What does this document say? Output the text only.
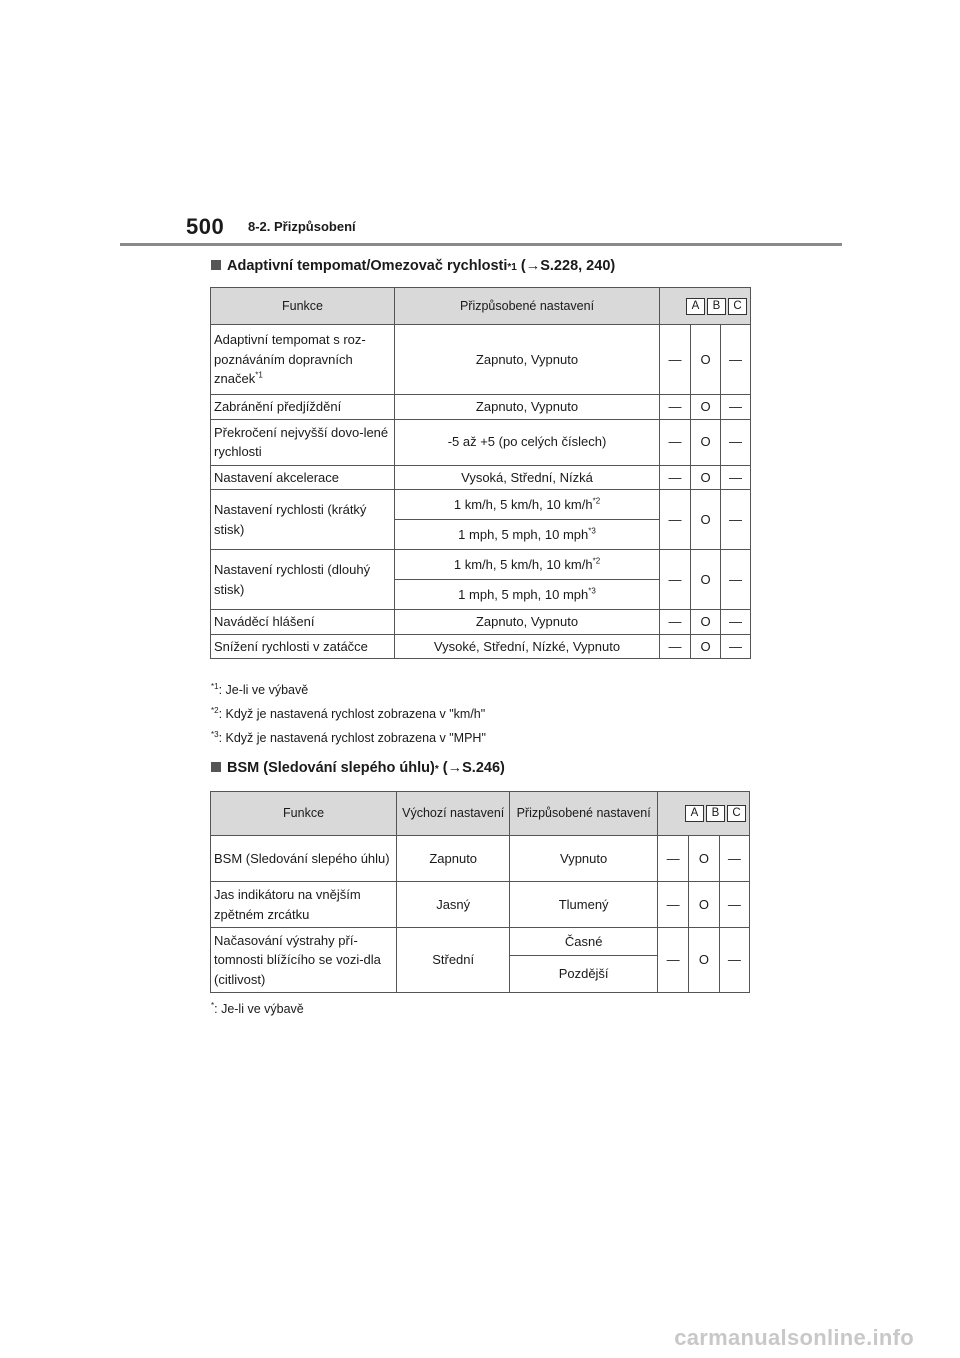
500 8-2. Přizpůsobení
Adaptivní tempomat/Omezovač rychlosti *1
(→ S.228, 240)
Funkce	Přizpůsobené nastavení	A B C		
Adaptivní tempomat s roz-poznáváním dopravních značek$^{*1}$	Zapnuto, Vypnuto	—	O	—
Zabránění předjíždění	Zapnuto, Vypnuto	—	O	—
Překročení nejvyšší dovo-lené rychlosti	-5 až +5 (po celých číslech)	—	O	—
Nastavení akcelerace	Vysoká, Střední, Nízká	—	O	—
Nastavení rychlosti (krátký stisk)	1 km/h, 5 km/h, 10 $km/h^{*2}$	—	O	—
	1 mph, 5 mph, 10 mph$^{*3}$
Nastavení rychlosti (dlouhý stisk)	1 km/h, 5 km/h, 10 $km/h^{*2}$	—	O	—
	1 mph, 5 mph, 10 mph$^{*3}$
Naváděcí hlášení	Zapnuto, Vypnuto	—	O	—
Snížení rychlosti v zatáčce	Vysoké, Střední, Nízké, Vypnuto	—	O	—
$^{*1}$: Je-li ve výbavě
$^{*2}$: Když je nastavená rychlost zobrazena v "km/h"
$^{*3}$: Když je nastavená rychlost zobrazena v "MPH"
BSM (Sledování slepého úhlu) *
(→ S.246)
Funkce	Výchozí nastavení	Přizpůsobené nastavení	A B C		
BSM (Sledování slepého úhlu)	Zapnuto	Vypnuto	—	O	—
Jas indikátoru na vnějším zpětném zrcátku	Jasný	Tlumený	—	O	—
Načasování výstrahy pří-tomnosti blížícího se vozi-dla (citlivost)	Střední	Časné	—	O	—
		Pozdější			
*: Je-li ve výbavě
carmanualsonline.info
